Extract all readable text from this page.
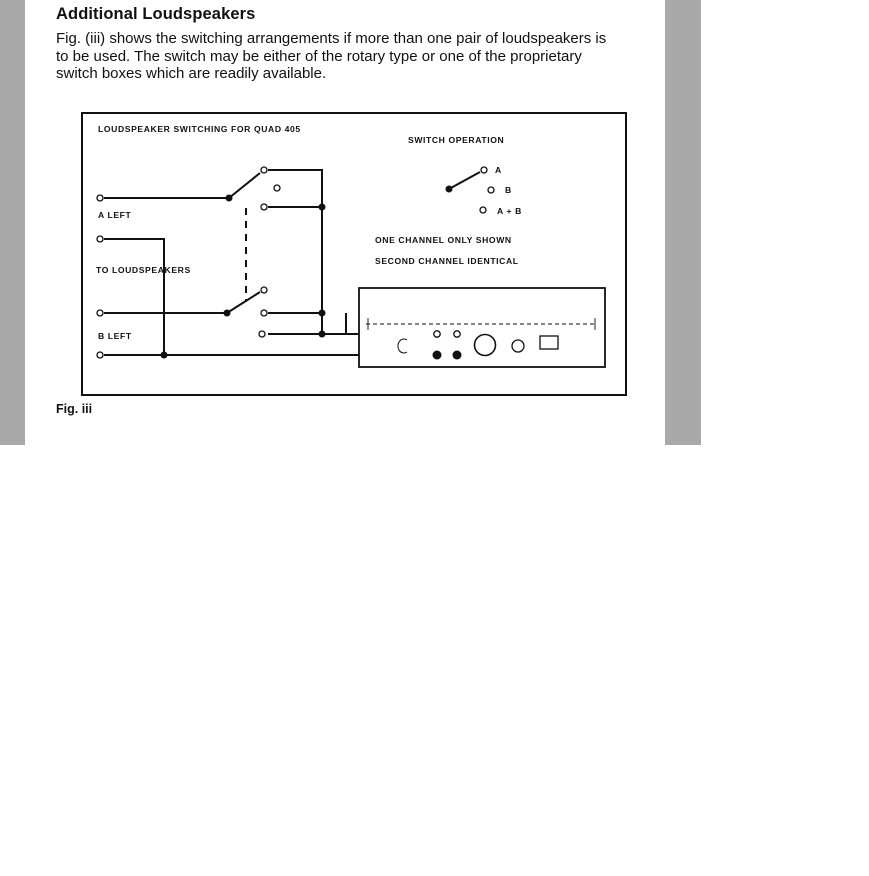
Additional Loudspeakers

Fig. (iii) shows the switching arrangements if more than one pair of loudspeakers is to be used. The switch may be either of the rotary type or one of the proprietary switch boxes which are readily available.

LOUDSPEAKER SWITCHING FOR QUAD 405
SWITCH OPERATION
A
B
A + B
ONE CHANNEL ONLY SHOWN
SECOND CHANNEL IDENTICAL
A LEFT
TO LOUDSPEAKERS
B LEFT

Fig. iii
